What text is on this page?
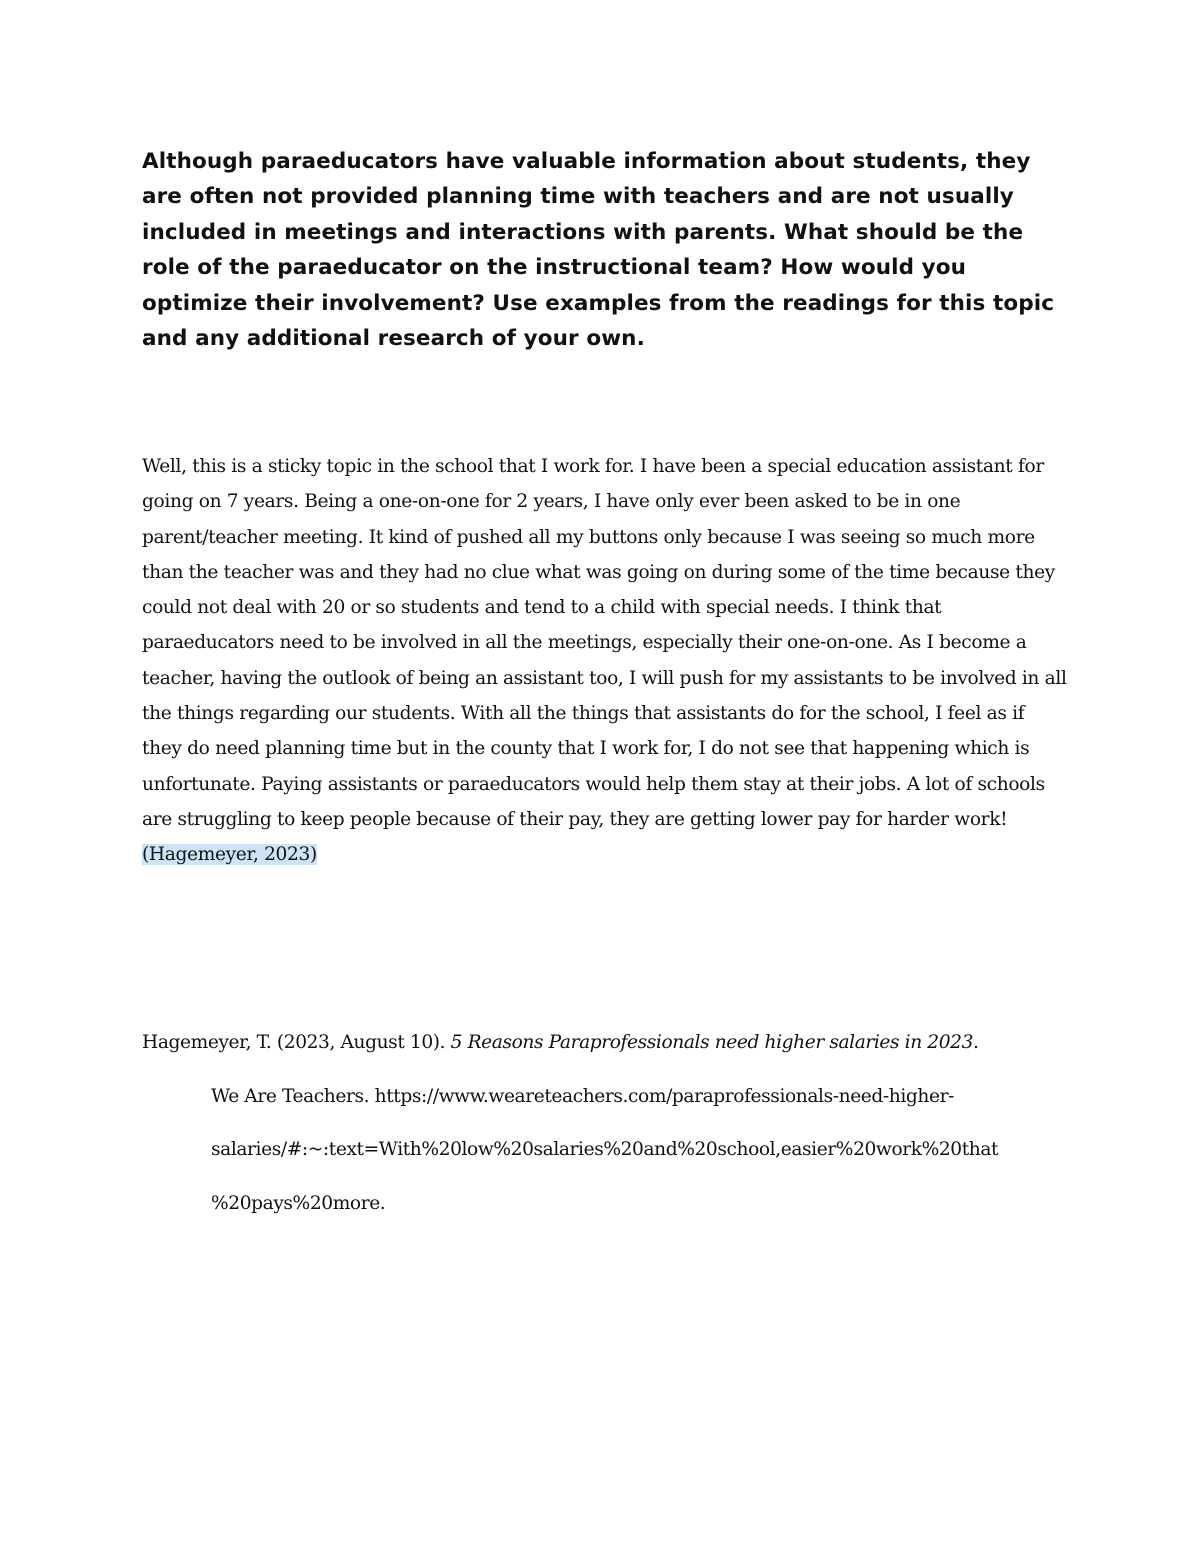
Although paraeducators have valuable information about students, they are often not provided planning time with teachers and are not usually included in meetings and interactions with parents. What should be the role of the paraeducator on the instructional team? How would you optimize their involvement? Use examples from the readings for this topic and any additional research of your own.

Well, this is a sticky topic in the school that I work for. I have been a special education assistant for going on 7 years. Being a one-on-one for 2 years, I have only ever been asked to be in one parent/teacher meeting. It kind of pushed all my buttons only because I was seeing so much more than the teacher was and they had no clue what was going on during some of the time because they could not deal with 20 or so students and tend to a child with special needs. I think that paraeducators need to be involved in all the meetings, especially their one-on-one. As I become a teacher, having the outlook of being an assistant too, I will push for my assistants to be involved in all the things regarding our students. With all the things that assistants do for the school, I feel as if they do need planning time but in the county that I work for, I do not see that happening which is unfortunate. Paying assistants or paraeducators would help them stay at their jobs. A lot of schools are struggling to keep people because of their pay, they are getting lower pay for harder work! (Hagemeyer, 2023)

Hagemeyer, T. (2023, August 10). 5 Reasons Paraprofessionals need higher salaries in 2023.
We Are Teachers. https://www.weareteachers.com/paraprofessionals-need-higher-
salaries/#:~:text=With%20low%20salaries%20and%20school,easier%20work%20that
%20pays%20more.
